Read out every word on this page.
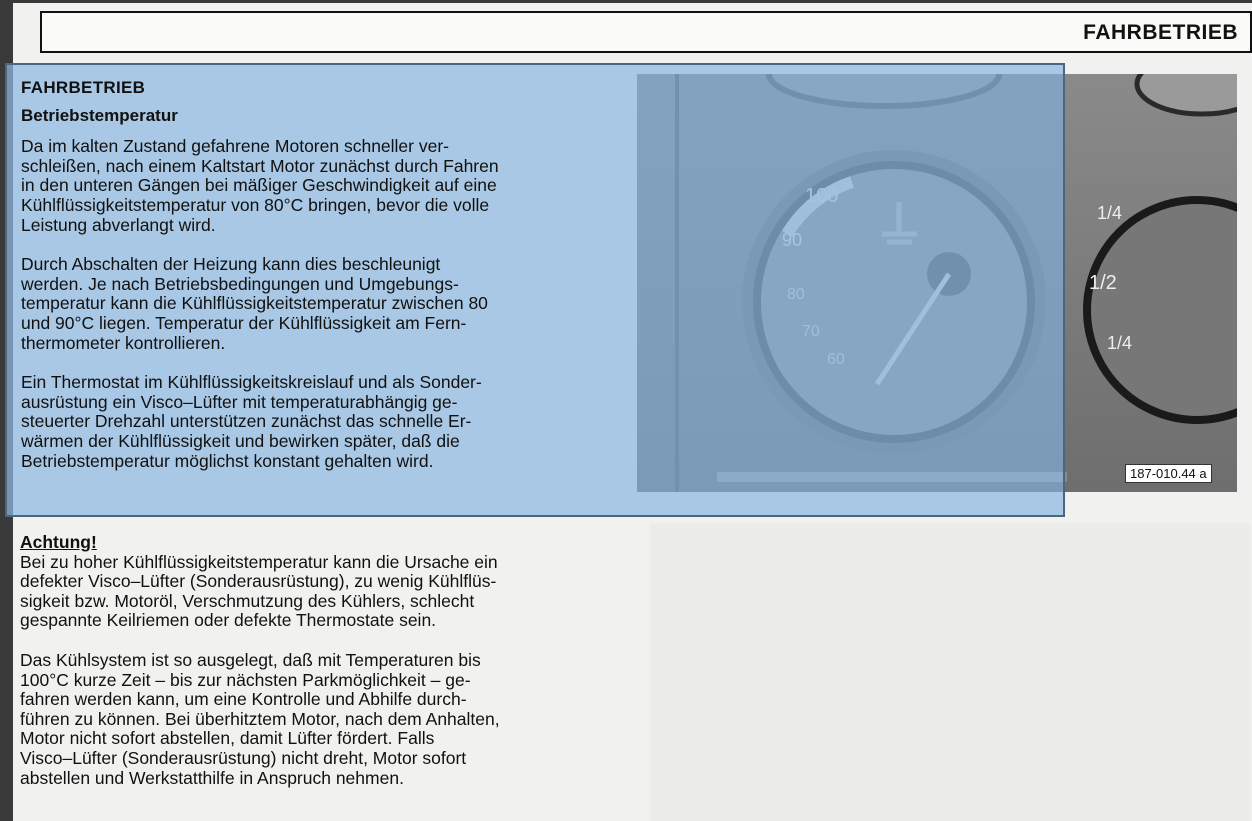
FAHRBETRIEB
1/4
1/2
1/4
187-010.44 a
FAHRBETRIEB
Betriebstemperatur
Da im kalten Zustand gefahrene Motoren schneller ver-
schleißen, nach einem Kaltstart Motor zunächst durch Fahren
in den unteren Gängen bei mäßiger Geschwindigkeit auf eine
Kühlflüssigkeitstemperatur von 80°C bringen, bevor die volle
Leistung abverlangt wird.
Durch Abschalten der Heizung kann dies beschleunigt
werden. Je nach Betriebsbedingungen und Umgebungs-
temperatur kann die Kühlflüssigkeitstemperatur zwischen 80
und 90°C liegen. Temperatur der Kühlflüssigkeit am Fern-
thermometer kontrollieren.
Ein Thermostat im Kühlflüssigkeitskreislauf und als Sonder-
ausrüstung ein Visco–Lüfter mit temperaturabhängig ge-
steuerter Drehzahl unterstützen zunächst das schnelle Er-
wärmen der Kühlflüssigkeit und bewirken später, daß die
Betriebstemperatur möglichst konstant gehalten wird.
Achtung!
Bei zu hoher Kühlflüssigkeitstemperatur kann die Ursache ein
defekter Visco–Lüfter (Sonderausrüstung), zu wenig Kühlflüs-
sigkeit bzw. Motoröl, Verschmutzung des Kühlers, schlecht
gespannte Keilriemen oder defekte Thermostate sein.
Das Kühlsystem ist so ausgelegt, daß mit Temperaturen bis
100°C kurze Zeit – bis zur nächsten Parkmöglichkeit – ge-
fahren werden kann, um eine Kontrolle und Abhilfe durch-
führen zu können. Bei überhitztem Motor, nach dem Anhalten,
Motor nicht sofort abstellen, damit Lüfter fördert. Falls
Visco–Lüfter (Sonderausrüstung) nicht dreht, Motor sofort
abstellen und Werkstatthilfe in Anspruch nehmen.
